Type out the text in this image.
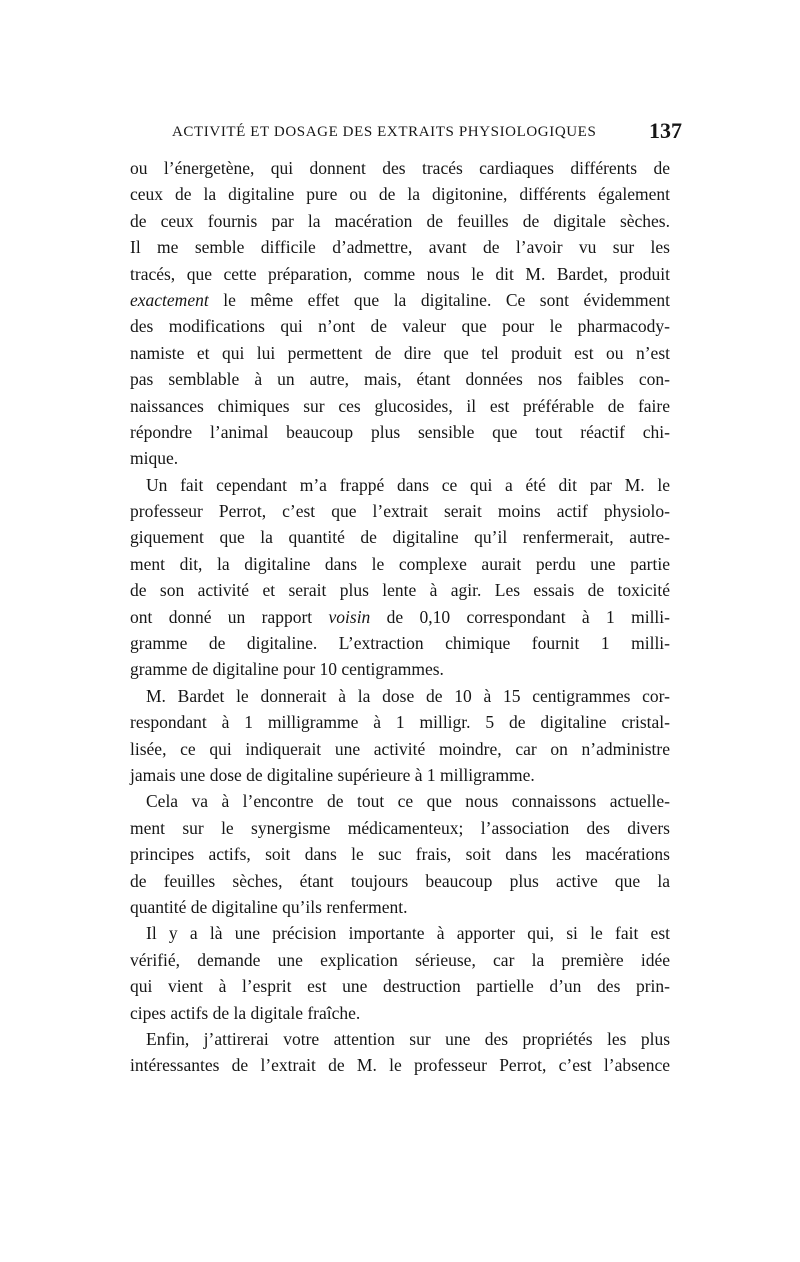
ACTIVITÉ ET DOSAGE DES EXTRAITS PHYSIOLOGIQUES 137
ou l’énergetène, qui donnent des tracés cardiaques différents de
ceux de la digitaline pure ou de la digitonine, différents également
de ceux fournis par la macération de feuilles de digitale sèches.
Il me semble difficile d’admettre, avant de l’avoir vu sur les
tracés, que cette préparation, comme nous le dit M. Bardet, produit
exactement le même effet que la digitaline. Ce sont évidemment
des modifications qui n’ont de valeur que pour le pharmacody-
namiste et qui lui permettent de dire que tel produit est ou n’est
pas semblable à un autre, mais, étant données nos faibles con-
naissances chimiques sur ces glucosides, il est préférable de faire
répondre l’animal beaucoup plus sensible que tout réactif chi-
mique.
Un fait cependant m’a frappé dans ce qui a été dit par M. le
professeur Perrot, c’est que l’extrait serait moins actif physiolo-
giquement que la quantité de digitaline qu’il renfermerait, autre-
ment dit, la digitaline dans le complexe aurait perdu une partie
de son activité et serait plus lente à agir. Les essais de toxicité
ont donné un rapport voisin de 0,10 correspondant à 1 milli-
gramme de digitaline. L’extraction chimique fournit 1 milli-
gramme de digitaline pour 10 centigrammes.
M. Bardet le donnerait à la dose de 10 à 15 centigrammes cor-
respondant à 1 milligramme à 1 milligr. 5 de digitaline cristal-
lisée, ce qui indiquerait une activité moindre, car on n’administre
jamais une dose de digitaline supérieure à 1 milligramme.
Cela va à l’encontre de tout ce que nous connaissons actuelle-
ment sur le synergisme médicamenteux; l’association des divers
principes actifs, soit dans le suc frais, soit dans les macérations
de feuilles sèches, étant toujours beaucoup plus active que la
quantité de digitaline qu’ils renferment.
Il y a là une précision importante à apporter qui, si le fait est
vérifié, demande une explication sérieuse, car la première idée
qui vient à l’esprit est une destruction partielle d’un des prin-
cipes actifs de la digitale fraîche.
Enfin, j’attirerai votre attention sur une des propriétés les plus
intéressantes de l’extrait de M. le professeur Perrot, c’est l’absence
